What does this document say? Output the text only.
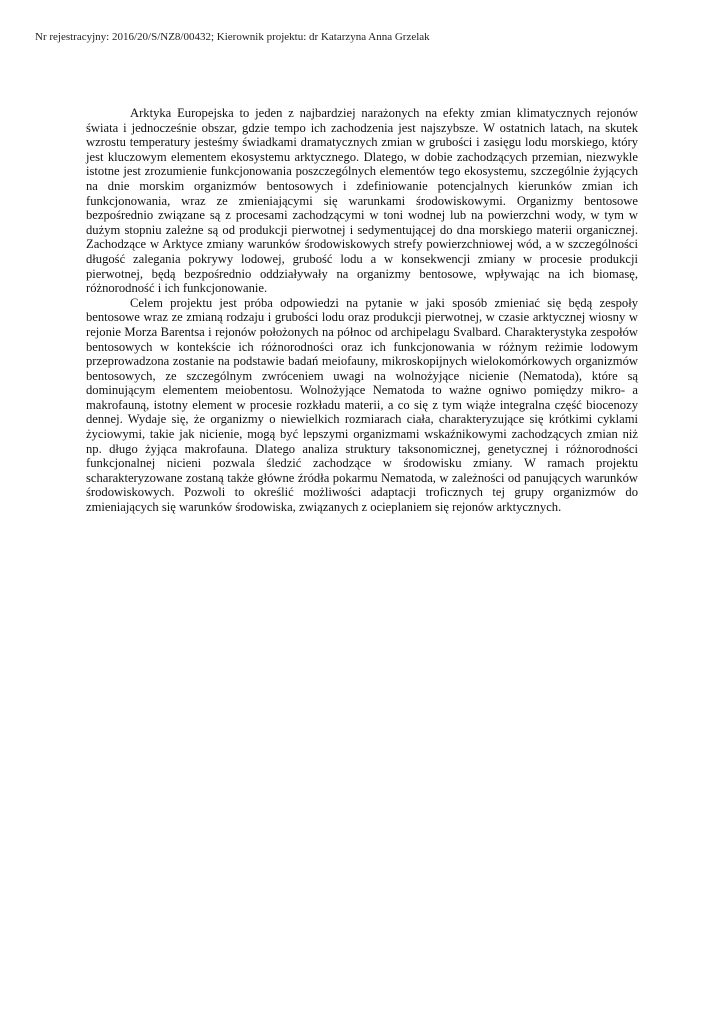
Nr rejestracyjny: 2016/20/S/NZ8/00432; Kierownik projektu: dr Katarzyna Anna Grzelak

Arktyka Europejska to jeden z najbardziej narażonych na efekty zmian klimatycznych rejonów świata i jednocześnie obszar, gdzie tempo ich zachodzenia jest najszybsze. W ostatnich latach, na skutek wzrostu temperatury jesteśmy świadkami dramatycznych zmian w grubości i zasięgu lodu morskiego, który jest kluczowym elementem ekosystemu arktycznego. Dlatego, w dobie zachodzących przemian, niezwykle istotne jest zrozumienie funkcjonowania poszczególnych elementów tego ekosystemu, szczególnie żyjących na dnie morskim organizmów bentosowych i zdefiniowanie potencjalnych kierunków zmian ich funkcjonowania, wraz ze zmieniającymi się warunkami środowiskowymi. Organizmy bentosowe bezpośrednio związane są z procesami zachodzącymi w toni wodnej lub na powierzchni wody, w tym w dużym stopniu zależne są od produkcji pierwotnej i sedymentującej do dna morskiego materii organicznej. Zachodzące w Arktyce zmiany warunków środowiskowych strefy powierzchniowej wód, a w szczególności długość zalegania pokrywy lodowej, grubość lodu a w konsekwencji zmiany w procesie produkcji pierwotnej, będą bezpośrednio oddziaływały na organizmy bentosowe, wpływając na ich biomasę, różnorodność i ich funkcjonowanie.

Celem projektu jest próba odpowiedzi na pytanie w jaki sposób zmieniać się będą zespoły bentosowe wraz ze zmianą rodzaju i grubości lodu oraz produkcji pierwotnej, w czasie arktycznej wiosny w rejonie Morza Barentsa i rejonów położonych na północ od archipelagu Svalbard. Charakterystyka zespołów bentosowych w kontekście ich różnorodności oraz ich funkcjonowania w różnym reżimie lodowym przeprowadzona zostanie na podstawie badań meiofauny, mikroskopijnych wielokomórkowych organizmów bentosowych, ze szczególnym zwróceniem uwagi na wolnożyjące nicienie (Nematoda), które są dominującym elementem meiobentosu. Wolnożyjące Nematoda to ważne ogniwo pomiędzy mikro- a makrofauną, istotny element w procesie rozkładu materii, a co się z tym wiąże integralna część biocenozy dennej. Wydaje się, że organizmy o niewielkich rozmiarach ciała, charakteryzujące się krótkimi cyklami życiowymi, takie jak nicienie, mogą być lepszymi organizmami wskaźnikowymi zachodzących zmian niż np. długo żyjąca makrofauna. Dlatego analiza struktury taksonomicznej, genetycznej i różnorodności funkcjonalnej nicieni pozwala śledzić zachodzące w środowisku zmiany. W ramach projektu scharakteryzowane zostaną także główne źródła pokarmu Nematoda, w zależności od panujących warunków środowiskowych. Pozwoli to określić możliwości adaptacji troficznych tej grupy organizmów do zmieniających się warunków środowiska, związanych z ocieplaniem się rejonów arktycznych.
